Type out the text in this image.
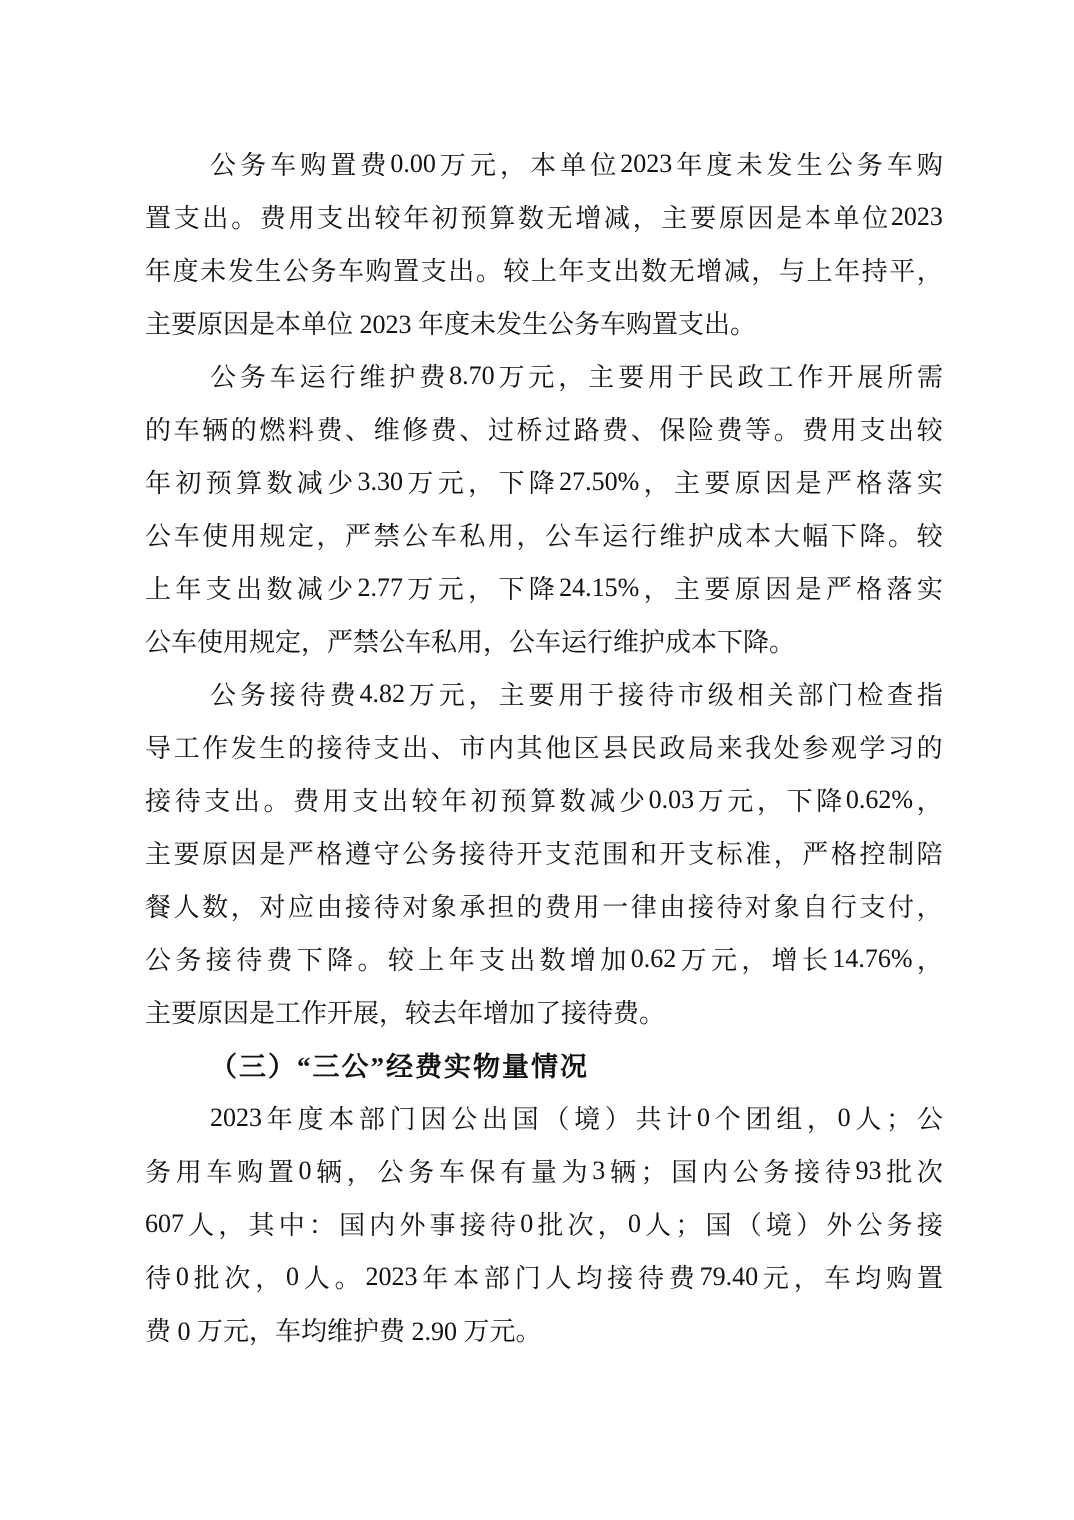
公 务 车 购 置 费 0.00 万 元 ， 本 单 位 2023 年 度 未 发 生 公 务 车 购
置 支 出 。 费 用 支 出 较 年 初 预 算 数 无 增 减 ， 主 要 原 因 是 本 单 位 2023
年 度 未 发 生 公 务 车 购 置 支 出 。 较 上 年 支 出 数 无 增 减 ， 与 上 年 持 平 ，
主要原因是本单位 2023 年度未发生公务车购置支出。
公 务 车 运 行 维 护 费 8.70 万 元 ， 主 要 用 于 民 政 工 作 开 展 所 需
的 车 辆 的 燃 料 费 、 维 修 费 、 过 桥 过 路 费 、 保 险 费 等 。 费 用 支 出 较
年 初 预 算 数 减 少 3.30 万 元 ， 下 降 27.50% ， 主 要 原 因 是 严 格 落 实
公 车 使 用 规 定 ， 严 禁 公 车 私 用 ， 公 车 运 行 维 护 成 本 大 幅 下 降 。 较
上 年 支 出 数 减 少 2.77 万 元 ， 下 降 24.15% ， 主 要 原 因 是 严 格 落 实
公车使用规定，严禁公车私用，公车运行维护成本下降。
公 务 接 待 费 4.82 万 元 ， 主 要 用 于 接 待 市 级 相 关 部 门 检 查 指
导 工 作 发 生 的 接 待 支 出 、 市 内 其 他 区 县 民 政 局 来 我 处 参 观 学 习 的
接 待 支 出 。 费 用 支 出 较 年 初 预 算 数 减 少 0.03 万 元 ， 下 降 0.62% ，
主 要 原 因 是 严 格 遵 守 公 务 接 待 开 支 范 围 和 开 支 标 准 ， 严 格 控 制 陪
餐 人 数 ， 对 应 由 接 待 对 象 承 担 的 费 用 一 律 由 接 待 对 象 自 行 支 付 ，
公 务 接 待 费 下 降 。 较 上 年 支 出 数 增 加 0.62 万 元 ， 增 长 14.76% ，
主要原因是工作开展，较去年增加了接待费。
（三）“三公”经费实物量情况
2023 年 度 本 部 门 因 公 出 国 （ 境 ） 共 计 0 个 团 组 ， 0 人 ； 公
务 用 车 购 置 0 辆 ， 公 务 车 保 有 量 为 3 辆 ； 国 内 公 务 接 待 93 批 次
607 人 ， 其 中 ： 国 内 外 事 接 待 0 批 次 ， 0 人 ； 国 （ 境 ） 外 公 务 接
待 0 批 次 ， 0 人 。 2023 年 本 部 门 人 均 接 待 费 79.40 元 ， 车 均 购 置
费 0 万元，车均维护费 2.90 万元。
